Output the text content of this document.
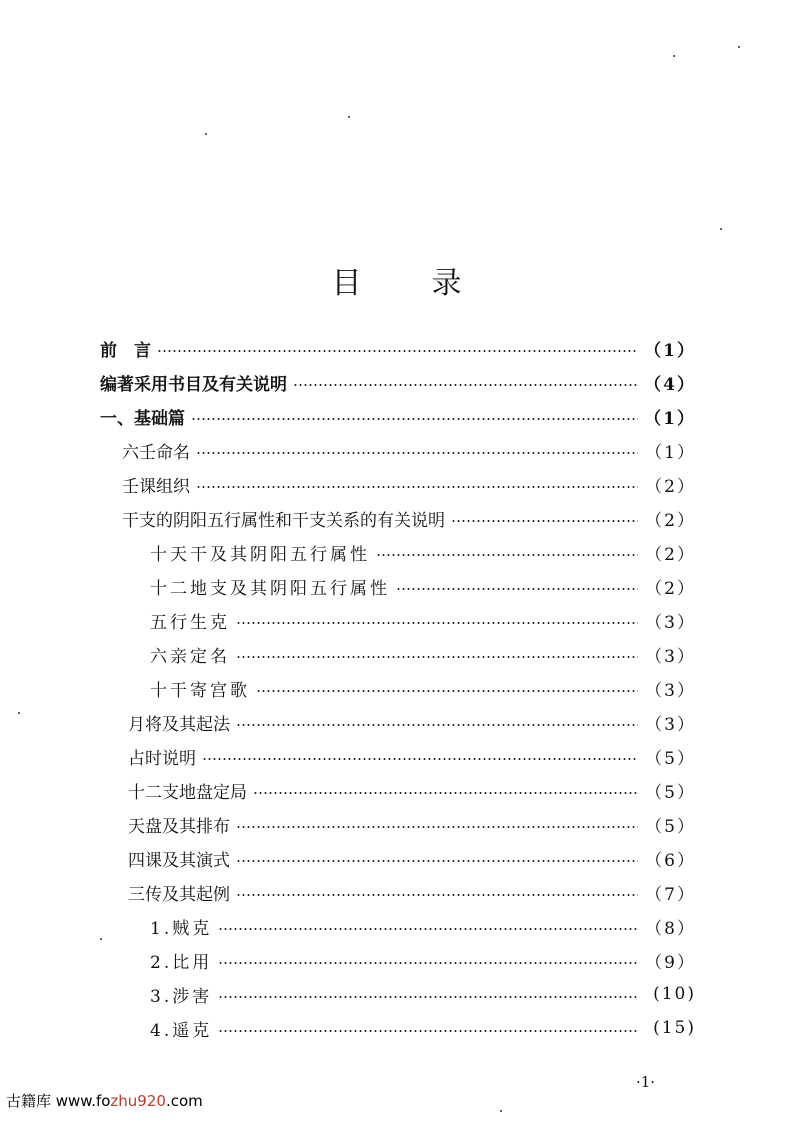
目 录
前　言	（1）
编著采用书目及有关说明	（4）
一、基础篇	（1）
六壬命名	（1）
壬课组织	（2）
干支的阴阳五行属性和干支关系的有关说明	（2）
十天干及其阴阳五行属性	（2）
十二地支及其阴阳五行属性	（2）
五行生克	（3）
六亲定名	（3）
十干寄宫歌	（3）
月将及其起法	（3）
占时说明	（5）
十二支地盘定局	（5）
天盘及其排布	（5）
四课及其演式	（6）
三传及其起例	（7）
1.贼克	（8）
2.比用	（9）
3.涉害	(10)
4.遥克	(15)
·1·
古籍库 www.fozhu920.com
